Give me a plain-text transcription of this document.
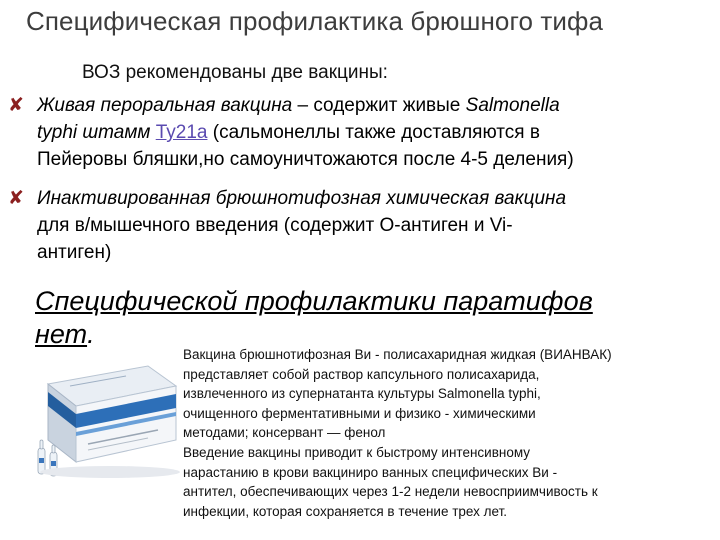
Специфическая профилактика брюшного тифа
ВОЗ рекомендованы две вакцины:
✘ Живая пероральная вакцина – содержит живые Salmonella
typhi штамм Ty21a (сальмонеллы также доставляются в
Пейеровы бляшки,но самоуничтожаются после 4-5 деления)
✘ Инактивированная брюшнотифозная химическая вакцина
для в/мышечного введения (содержит О-антиген и Vi-
антиген)
Специфической профилактики паратифов
нет.
Вакцина брюшнотифозная Ви - полисахаридная жидкая (ВИАНВАК)
представляет собой раствор капсульного полисахарида,
извлеченного из супернатанта культуры Salmonella typhi,
очищенного ферментативными и физико - химическими
методами; консервант — фенол
Введение вакцины приводит к быстрому интенсивному
нарастанию в крови вакциниро ванных специфических Ви -
антител, обеспечивающих через 1-2 недели невосприимчивость к
инфекции, которая сохраняется в течение трех лет.
